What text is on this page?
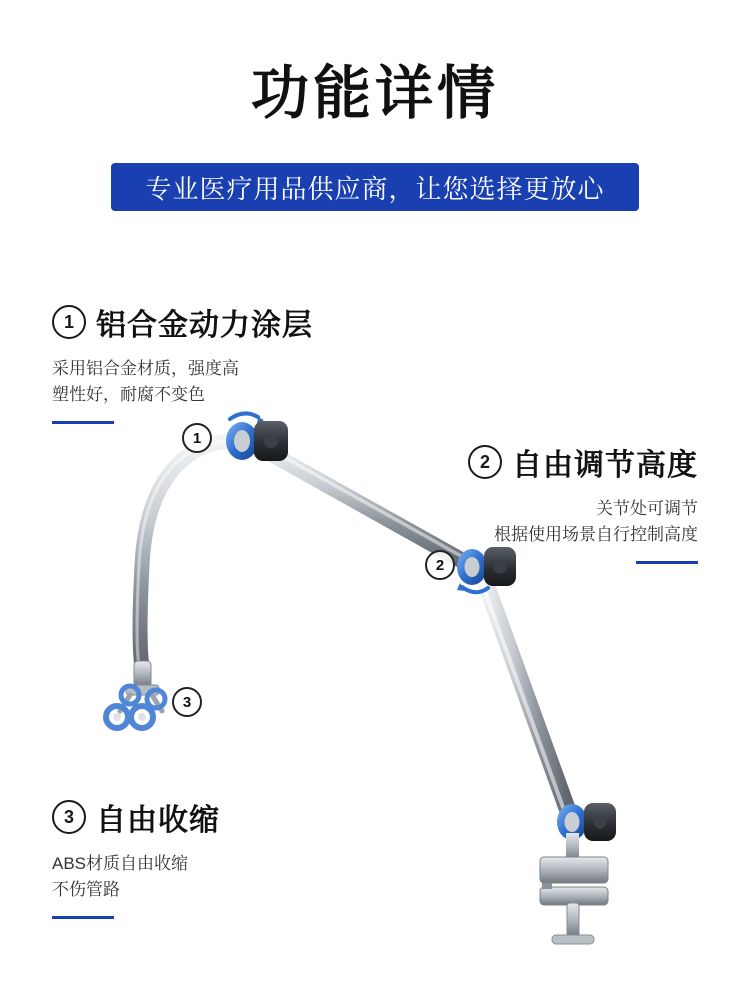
功能详情
专业医疗用品供应商，让您选择更放心
1 铝合金动力涂层
采用铝合金材质，强度高
塑性好，耐腐不变色
2 自由调节高度
关节处可调节
根据使用场景自行控制高度
3 自由收缩
ABS材质自由收缩
不伤管路
1
2
3
